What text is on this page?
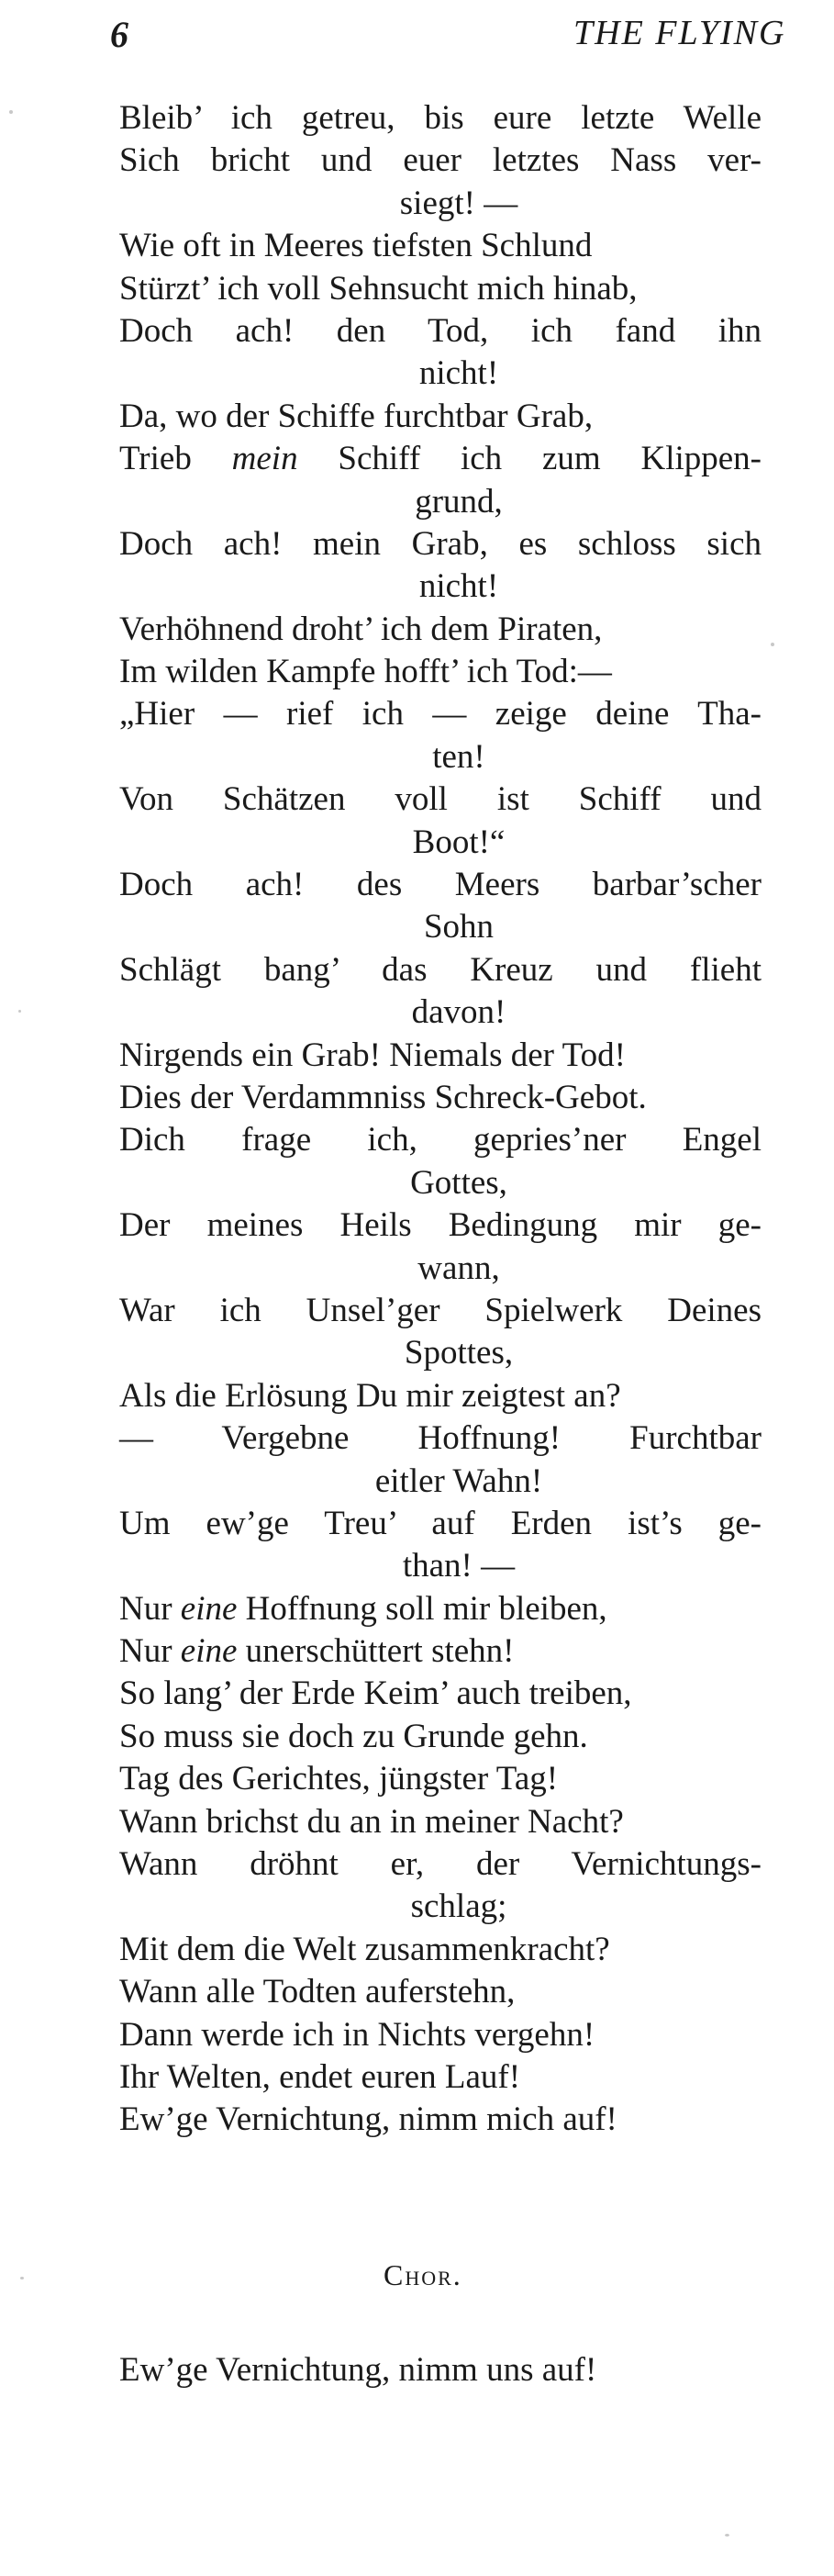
6	THE FLYING
Bleib’ ich getreu, bis eure letzte Welle
Sich bricht und euer letztes Nass ver-
siegt! —
Wie oft in Meeres tiefsten Schlund
Stürzt’ ich voll Sehnsucht mich hinab,
Doch ach! den Tod, ich fand ihn
nicht!
Da, wo der Schiffe furchtbar Grab,
Trieb mein Schiff ich zum Klippen-
grund,
Doch ach! mein Grab, es schloss sich
nicht!
Verhöhnend droht’ ich dem Piraten,
Im wilden Kampfe hofft’ ich Tod:—
„Hier — rief ich — zeige deine Tha-
ten!
Von Schätzen voll ist Schiff und
Boot!“
Doch ach! des Meers barbar’scher
Sohn
Schlägt bang’ das Kreuz und flieht
davon!
Nirgends ein Grab! Niemals der Tod!
Dies der Verdammniss Schreck-Gebot.
Dich frage ich, gepries’ner Engel
Gottes,
Der meines Heils Bedingung mir ge-
wann,
War ich Unsel’ger Spielwerk Deines
Spottes,
Als die Erlösung Du mir zeigtest an?
— Vergebne Hoffnung! Furchtbar
eitler Wahn!
Um ew’ge Treu’ auf Erden ist’s ge-
than! —
Nur eine Hoffnung soll mir bleiben,
Nur eine unerschüttert stehn!
So lang’ der Erde Keim’ auch treiben,
So muss sie doch zu Grunde gehn.
Tag des Gerichtes, jüngster Tag!
Wann brichst du an in meiner Nacht?
Wann dröhnt er, der Vernichtungs-
schlag;
Mit dem die Welt zusammenkracht?
Wann alle Todten auferstehn,
Dann werde ich in Nichts vergehn!
Ihr Welten, endet euren Lauf!
Ew’ge Vernichtung, nimm mich auf!
Chor.
Ew’ge Vernichtung, nimm uns auf!
